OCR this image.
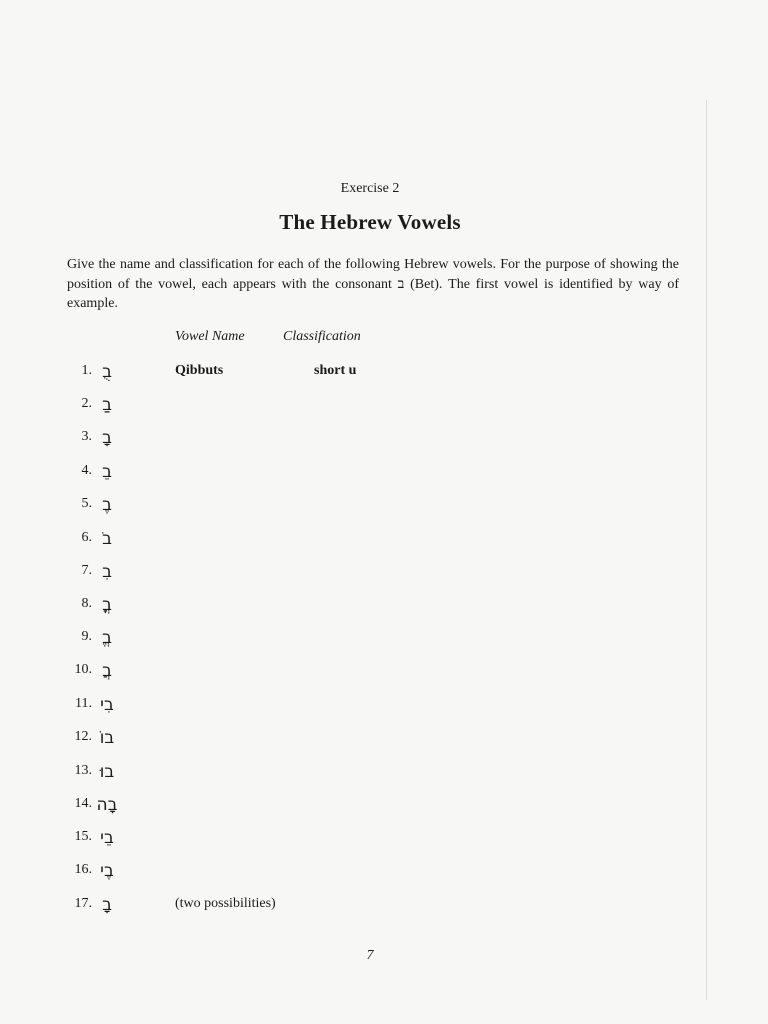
Exercise 2
The Hebrew Vowels
Give the name and classification for each of the following Hebrew vowels. For the purpose of showing the position of the vowel, each appears with the consonant ב (Bet). The first vowel is identified by way of example.
Vowel Name	Classification
1. בֻ	Qibbuts	short u
2. בַ
3. בָ
4. בֵ
5. בֶ
6. בֹ
7. בִ
8. בֳ
9. בֱ
10. בֲ
11. בִי
12. בוֹ
13. בוּ
14. בָה
15. בֵי
16. בֶי
17. בָ	(two possibilities)
7
